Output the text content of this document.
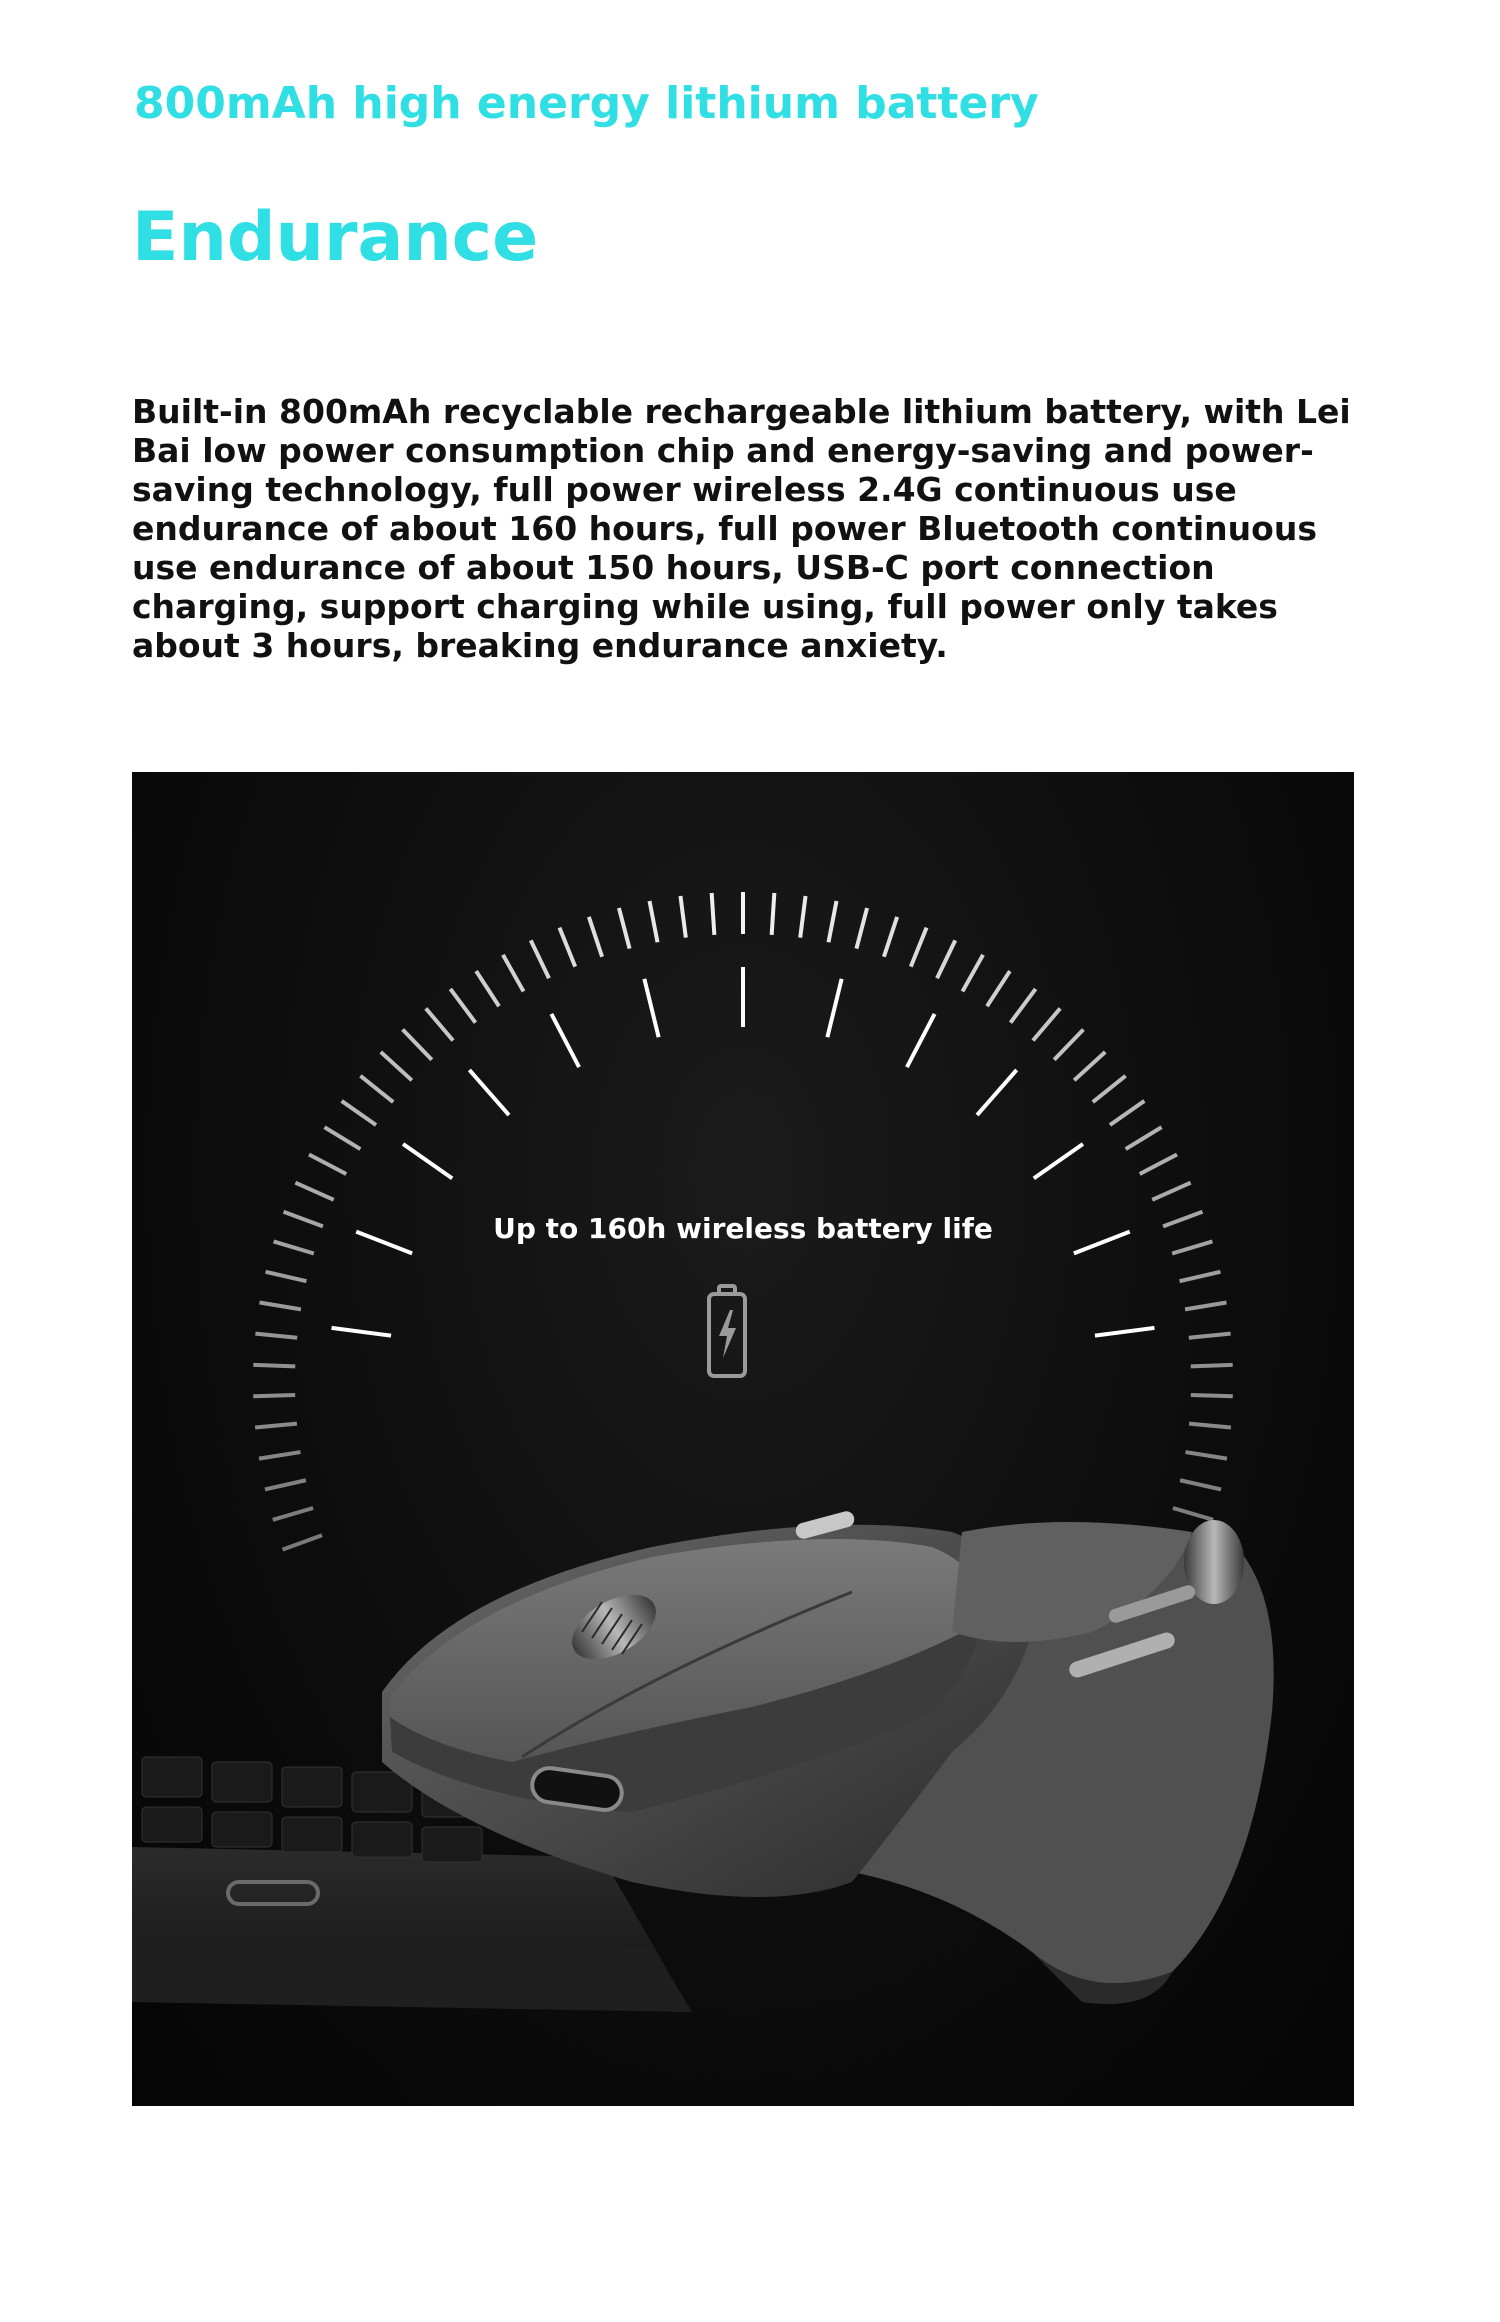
800mAh high energy lithium battery
Endurance
Built-in 800mAh recyclable rechargeable lithium battery, with Lei Bai low power consumption chip and energy-saving and power-saving technology, full power wireless 2.4G continuous use endurance of about 160 hours, full power Bluetooth continuous use endurance of about 150 hours, USB-C port connection charging, support charging while using, full power only takes about 3 hours, breaking endurance anxiety.
Up to 160h wireless battery life
